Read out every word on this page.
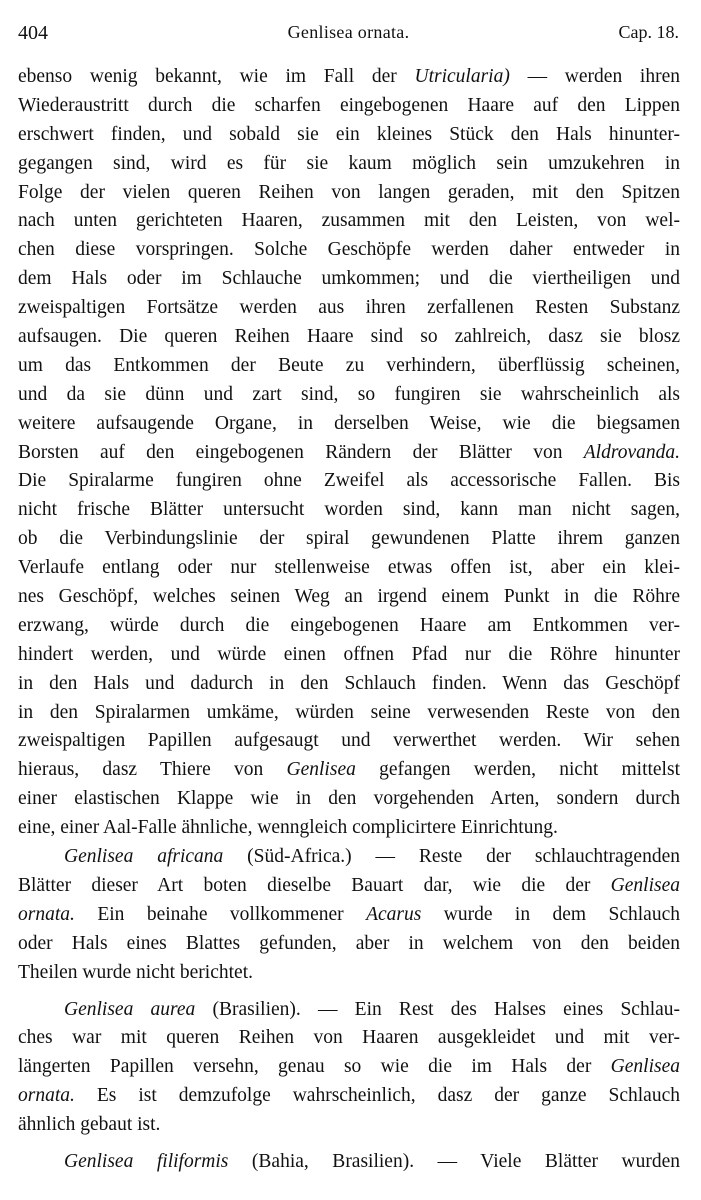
404	Genlisea ornata.	Cap. 18.
ebenso wenig bekannt, wie im Fall der Utricularia) — werden ihren
Wiederaustritt durch die scharfen eingebogenen Haare auf den Lippen
erschwert finden, und sobald sie ein kleines Stück den Hals hinunter-
gegangen sind, wird es für sie kaum möglich sein umzukehren in
Folge der vielen queren Reihen von langen geraden, mit den Spitzen
nach unten gerichteten Haaren, zusammen mit den Leisten, von wel-
chen diese vorspringen. Solche Geschöpfe werden daher entweder in
dem Hals oder im Schlauche umkommen; und die viertheiligen und
zweispaltigen Fortsätze werden aus ihren zerfallenen Resten Substanz
aufsaugen. Die queren Reihen Haare sind so zahlreich, dasz sie blosz
um das Entkommen der Beute zu verhindern, überflüssig scheinen,
und da sie dünn und zart sind, so fungiren sie wahrscheinlich als
weitere aufsaugende Organe, in derselben Weise, wie die biegsamen
Borsten auf den eingebogenen Rändern der Blätter von Aldrovanda.
Die Spiralarme fungiren ohne Zweifel als accessorische Fallen. Bis
nicht frische Blätter untersucht worden sind, kann man nicht sagen,
ob die Verbindungslinie der spiral gewundenen Platte ihrem ganzen
Verlaufe entlang oder nur stellenweise etwas offen ist, aber ein klei-
nes Geschöpf, welches seinen Weg an irgend einem Punkt in die Röhre
erzwang, würde durch die eingebogenen Haare am Entkommen ver-
hindert werden, und würde einen offnen Pfad nur die Röhre hinunter
in den Hals und dadurch in den Schlauch finden. Wenn das Geschöpf
in den Spiralarmen umkäme, würden seine verwesenden Reste von den
zweispaltigen Papillen aufgesaugt und verwerthet werden. Wir sehen
hieraus, dasz Thiere von Genlisea gefangen werden, nicht mittelst
einer elastischen Klappe wie in den vorgehenden Arten, sondern durch
eine, einer Aal-Falle ähnliche, wenngleich complicirtere Einrichtung.
Genlisea africana (Süd-Africa.) — Reste der schlauchtragenden
Blätter dieser Art boten dieselbe Bauart dar, wie die der Genlisea
ornata. Ein beinahe vollkommener Acarus wurde in dem Schlauch
oder Hals eines Blattes gefunden, aber in welchem von den beiden
Theilen wurde nicht berichtet.
Genlisea aurea (Brasilien). — Ein Rest des Halses eines Schlau-
ches war mit queren Reihen von Haaren ausgekleidet und mit ver-
längerten Papillen versehn, genau so wie die im Hals der Genlisea
ornata. Es ist demzufolge wahrscheinlich, dasz der ganze Schlauch
ähnlich gebaut ist.
Genlisea filiformis (Bahia, Brasilien). — Viele Blätter wurden
